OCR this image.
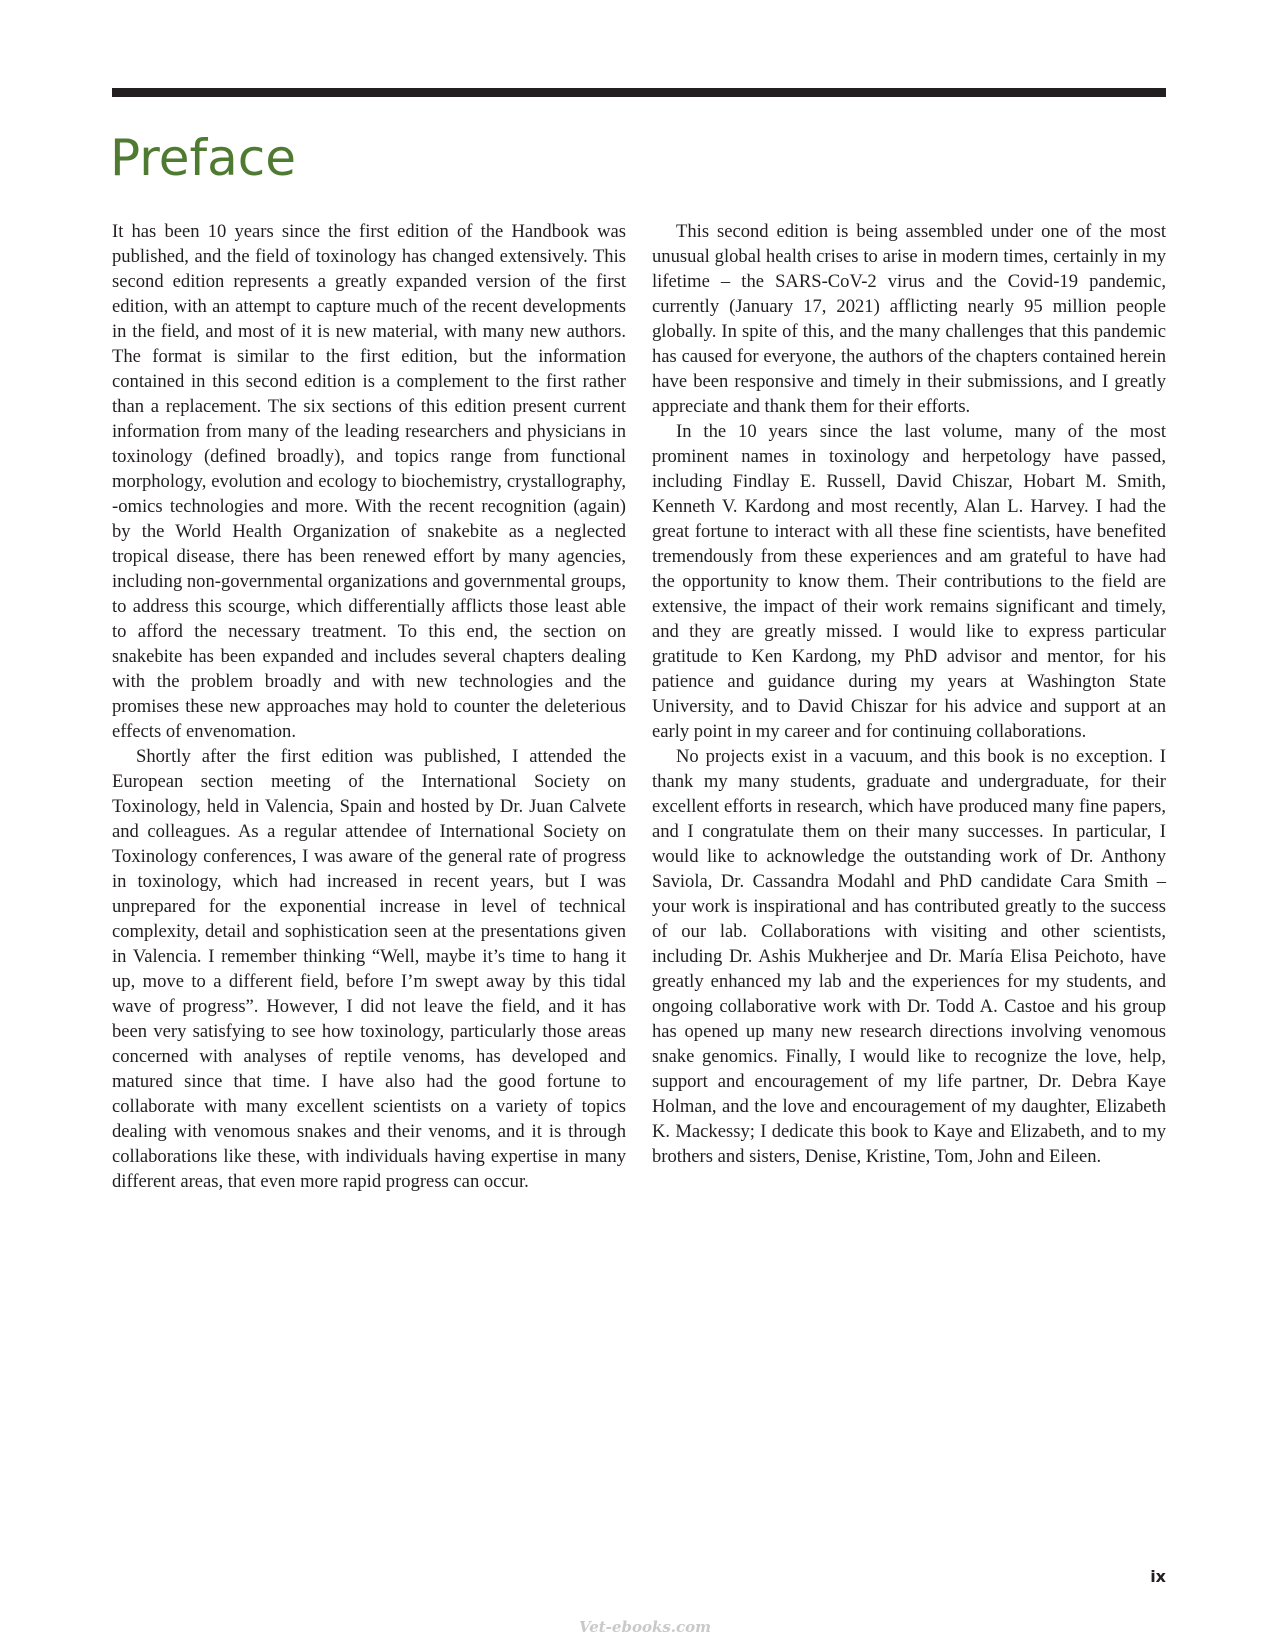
Preface

It has been 10 years since the first edition of the Handbook was published, and the field of toxinology has changed extensively. This second edition represents a greatly expanded version of the first edition, with an attempt to capture much of the recent developments in the field, and most of it is new material, with many new authors. The format is similar to the first edition, but the information contained in this second edition is a complement to the first rather than a replacement. The six sections of this edition present current information from many of the leading researchers and physicians in toxinology (defined broadly), and topics range from functional morphology, evolution and ecology to biochemistry, crystallography, -omics technologies and more. With the recent recognition (again) by the World Health Organization of snakebite as a neglected tropical disease, there has been renewed effort by many agencies, including non-governmental organizations and governmental groups, to address this scourge, which differentially afflicts those least able to afford the necessary treatment. To this end, the section on snakebite has been expanded and includes several chapters dealing with the problem broadly and with new technologies and the promises these new approaches may hold to counter the deleterious effects of envenomation.

Shortly after the first edition was published, I attended the European section meeting of the International Society on Toxinology, held in Valencia, Spain and hosted by Dr. Juan Calvete and colleagues. As a regular attendee of International Society on Toxinology conferences, I was aware of the general rate of progress in toxinology, which had increased in recent years, but I was unprepared for the exponential increase in level of technical complexity, detail and sophistication seen at the presentations given in Valencia. I remember thinking “Well, maybe it’s time to hang it up, move to a different field, before I’m swept away by this tidal wave of progress”. However, I did not leave the field, and it has been very satisfying to see how toxinology, particularly those areas concerned with analyses of reptile venoms, has developed and matured since that time. I have also had the good fortune to collaborate with many excellent scientists on a variety of topics dealing with venomous snakes and their venoms, and it is through collaborations like these, with individuals having expertise in many different areas, that even more rapid progress can occur.

This second edition is being assembled under one of the most unusual global health crises to arise in modern times, certainly in my lifetime – the SARS-CoV-2 virus and the Covid-19 pandemic, currently (January 17, 2021) afflicting nearly 95 million people globally. In spite of this, and the many challenges that this pandemic has caused for everyone, the authors of the chapters contained herein have been responsive and timely in their submissions, and I greatly appreciate and thank them for their efforts.

In the 10 years since the last volume, many of the most prominent names in toxinology and herpetology have passed, including Findlay E. Russell, David Chiszar, Hobart M. Smith, Kenneth V. Kardong and most recently, Alan L. Harvey. I had the great fortune to interact with all these fine scientists, have benefited tremendously from these experiences and am grateful to have had the opportunity to know them. Their contributions to the field are extensive, the impact of their work remains significant and timely, and they are greatly missed. I would like to express particular gratitude to Ken Kardong, my PhD advisor and mentor, for his patience and guidance during my years at Washington State University, and to David Chiszar for his advice and support at an early point in my career and for continuing collaborations.

No projects exist in a vacuum, and this book is no exception. I thank my many students, graduate and undergraduate, for their excellent efforts in research, which have produced many fine papers, and I congratulate them on their many successes. In particular, I would like to acknowledge the outstanding work of Dr. Anthony Saviola, Dr. Cassandra Modahl and PhD candidate Cara Smith – your work is inspirational and has contributed greatly to the success of our lab. Collaborations with visiting and other scientists, including Dr. Ashis Mukherjee and Dr. María Elisa Peichoto, have greatly enhanced my lab and the experiences for my students, and ongoing collaborative work with Dr. Todd A. Castoe and his group has opened up many new research directions involving venomous snake genomics. Finally, I would like to recognize the love, help, support and encouragement of my life partner, Dr. Debra Kaye Holman, and the love and encouragement of my daughter, Elizabeth K. Mackessy; I dedicate this book to Kaye and Elizabeth, and to my brothers and sisters, Denise, Kristine, Tom, John and Eileen.

ix
Vet-ebooks.com
